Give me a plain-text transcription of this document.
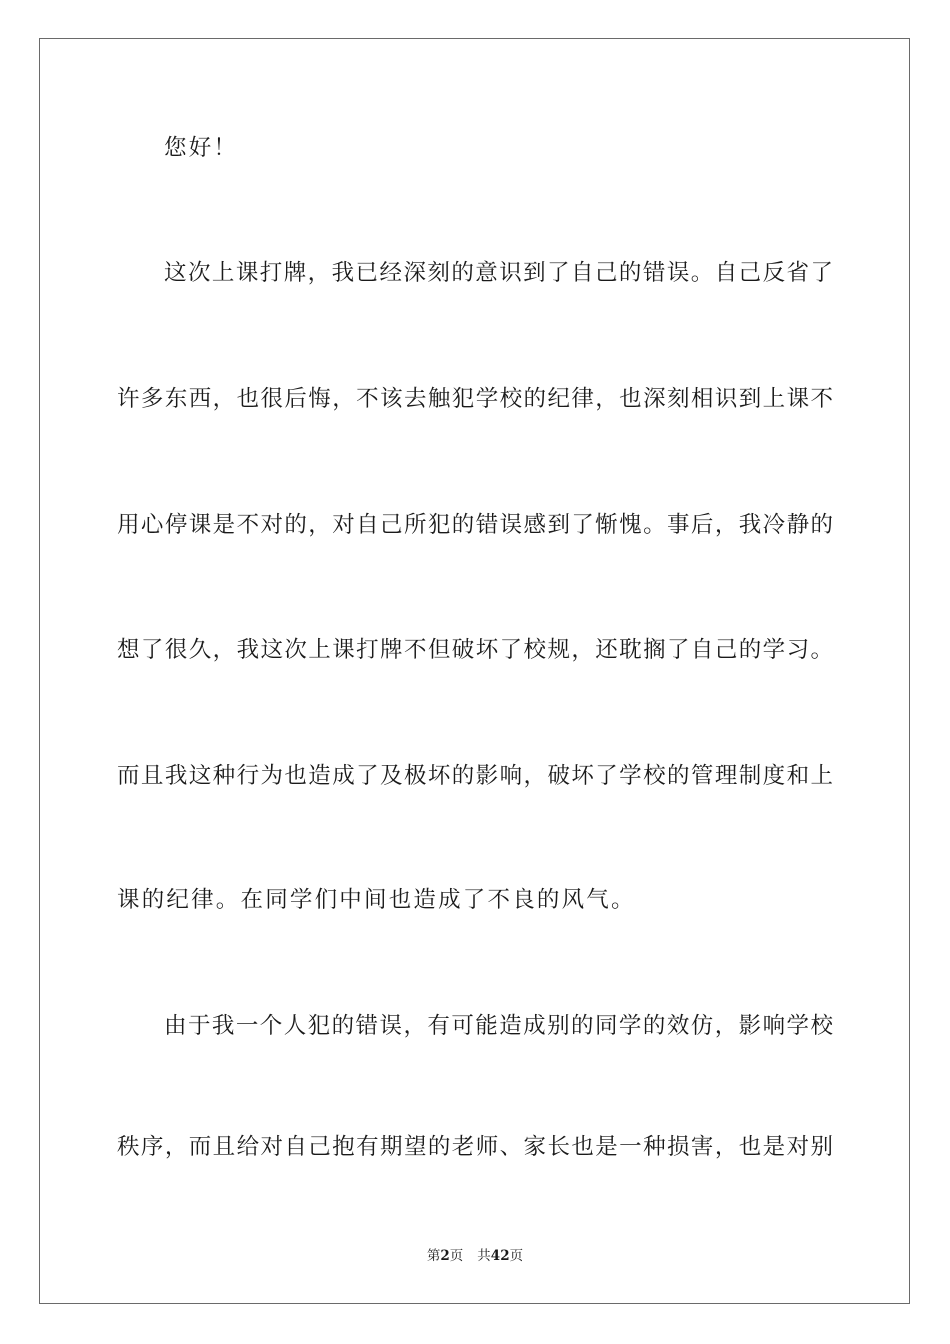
您好！
这次上课打牌，我已经深刻的意识到了自己的错误。自己反省了
许多东西，也很后悔，不该去触犯学校的纪律，也深刻相识到上课不
用心停课是不对的，对自己所犯的错误感到了惭愧。事后，我冷静的
想了很久，我这次上课打牌不但破坏了校规，还耽搁了自己的学习。
而且我这种行为也造成了及极坏的影响，破坏了学校的管理制度和上
课的纪律。在同学们中间也造成了不良的风气。
由于我一个人犯的错误，有可能造成别的同学的效仿，影响学校
秩序，而且给对自己抱有期望的老师、家长也是一种损害，也是对别
第2页 共42页
